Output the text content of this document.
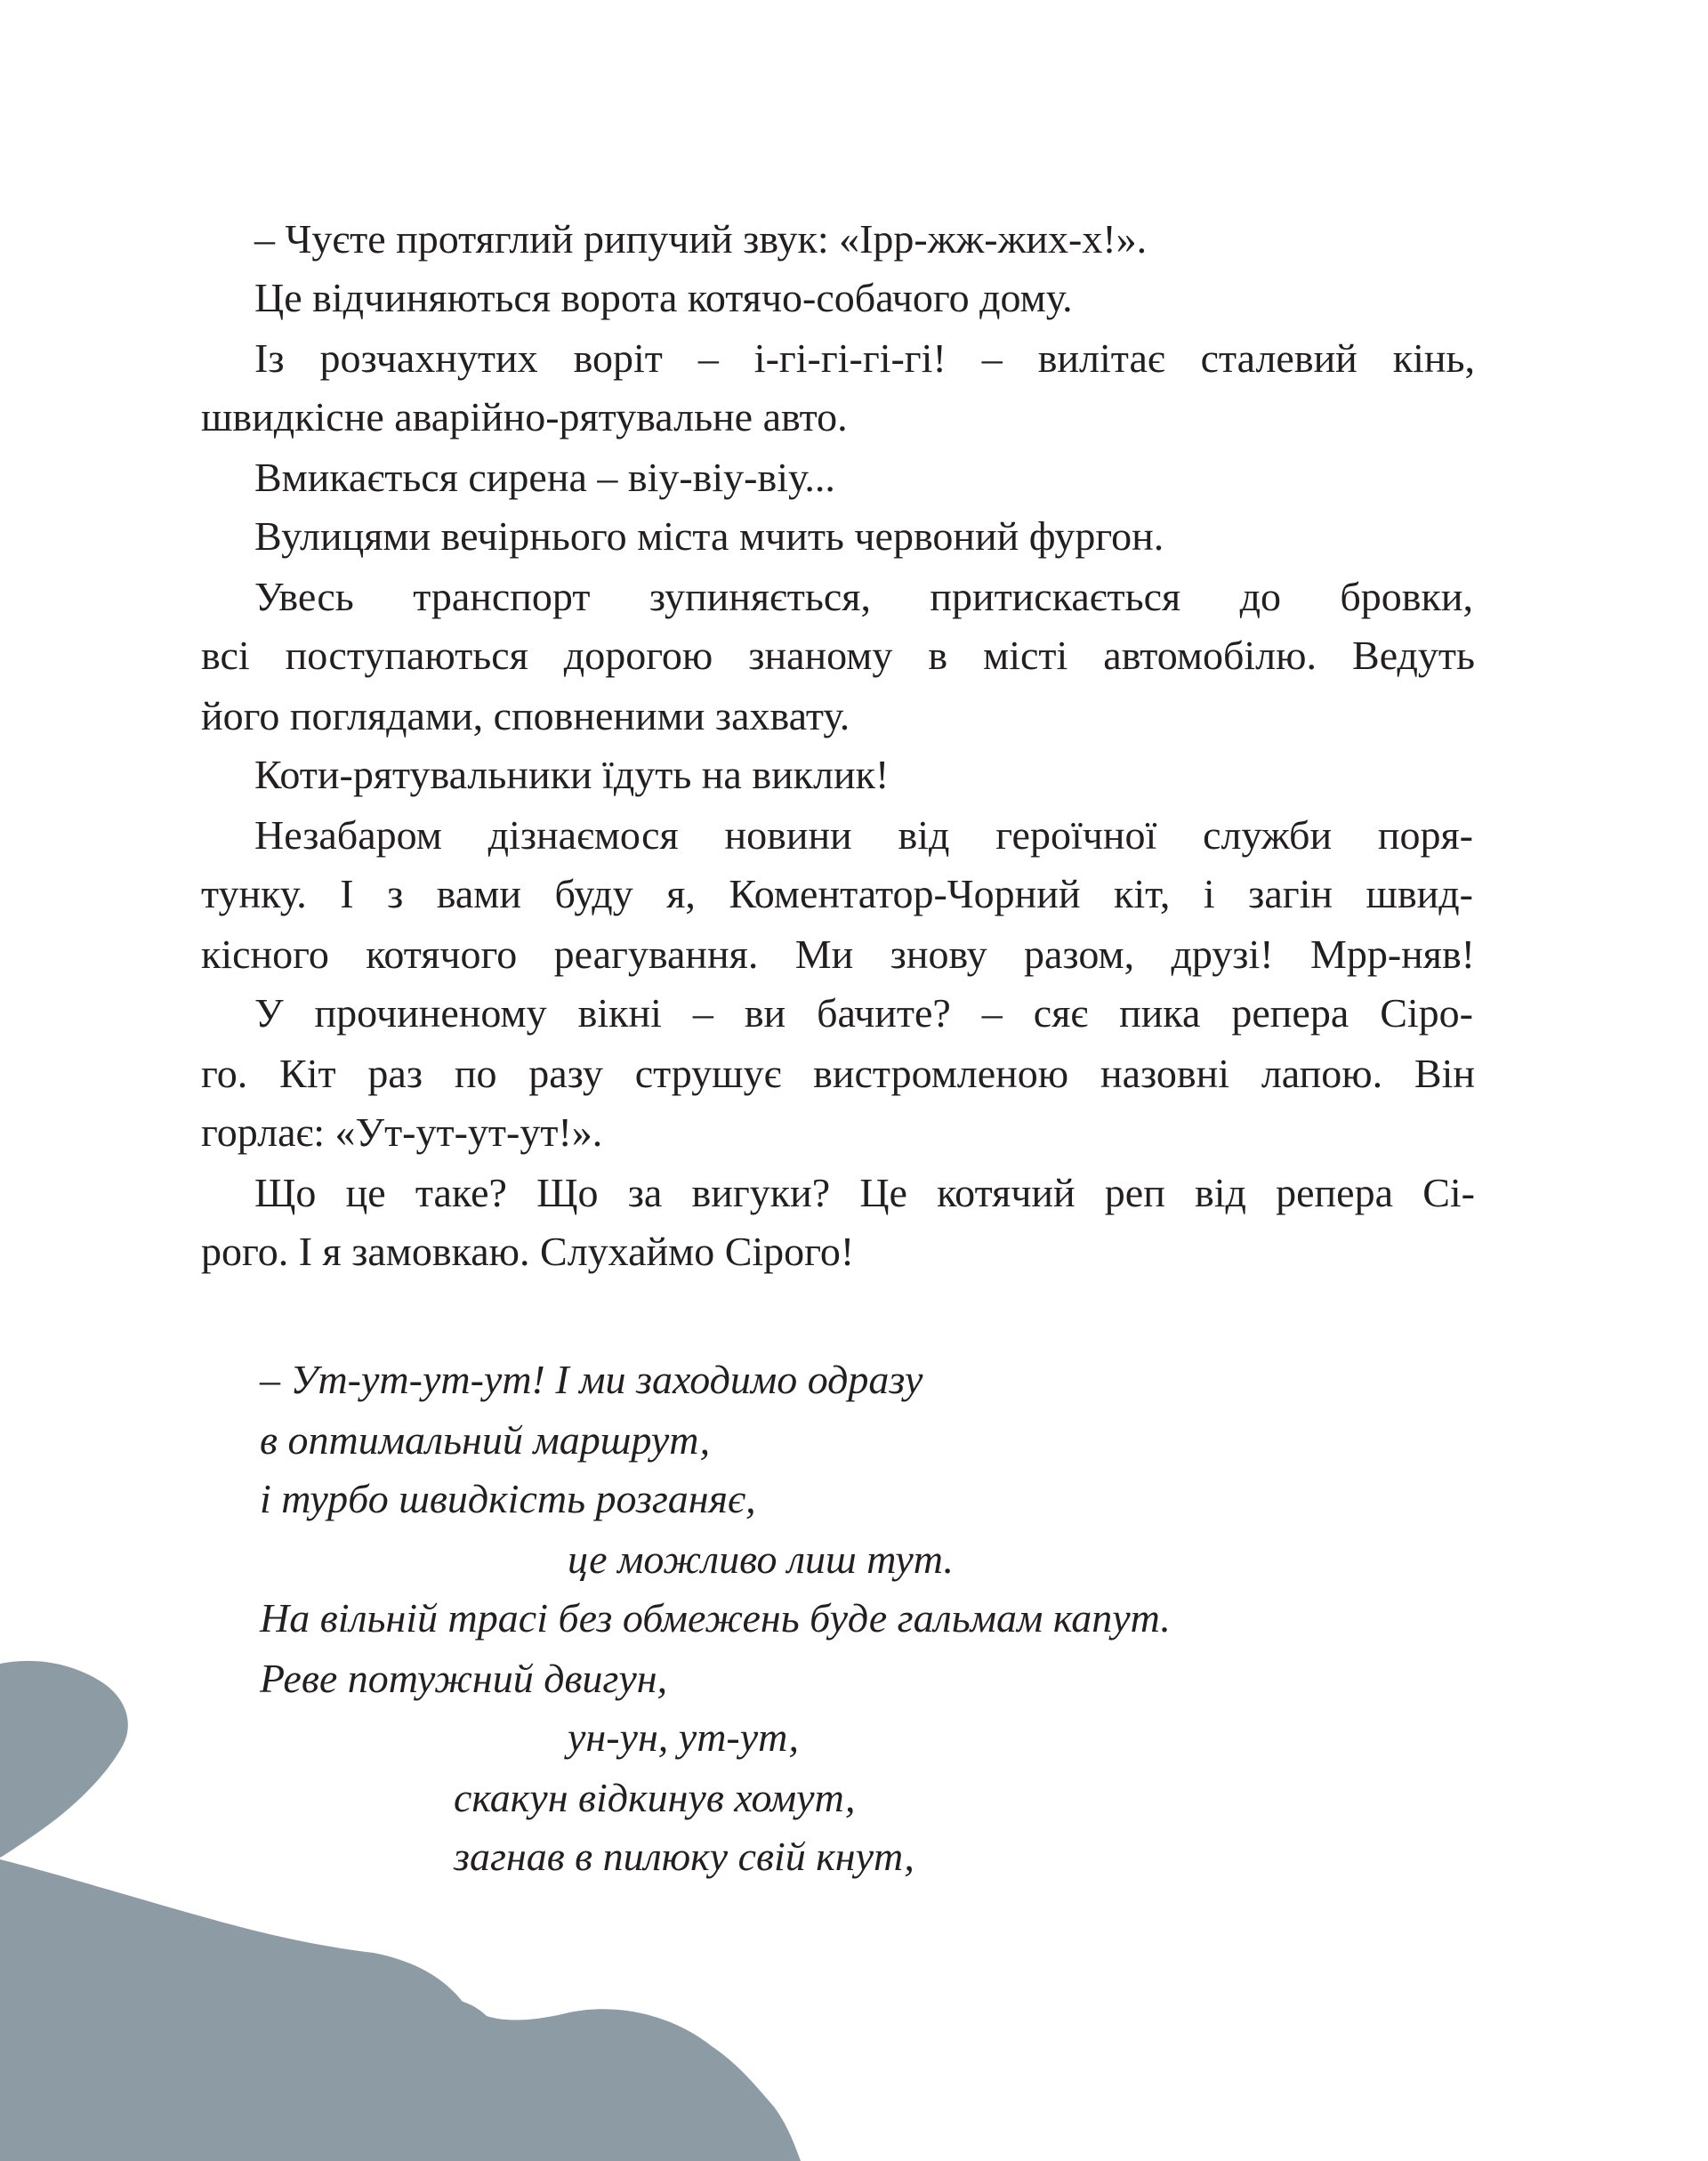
– Чуєте протяглий рипучий звук: «Ірр-жж-жих-х!».
Це відчиняються ворота котячо-собачого дому.
Із розчахнутих воріт – і-гі-гі-гі-гі! – вилітає сталевий кінь,
швидкісне аварійно-рятувальне авто.
Вмикається сирена – віу-віу-віу...
Вулицями вечірнього міста мчить червоний фургон.
Увесь транспорт зупиняється, притискається до бровки,
всі поступаються дорогою знаному в місті автомобілю. Ведуть
його поглядами, сповненими захвату.
Коти-рятувальники їдуть на виклик!
Незабаром дізнаємося новини від героїчної служби поря-
тунку. І з вами буду я, Коментатор-Чорний кіт, і загін швид-
кісного котячого реагування. Ми знову разом, друзі! Мрр-няв!
У прочиненому вікні – ви бачите? – сяє пика репера Сіро-
го. Кіт раз по разу струшує вистромленою назовні лапою. Він
горлає: «Ут-ут-ут-ут!».
Що це таке? Що за вигуки? Це котячий реп від репера Сі-
рого. І я замовкаю. Слухаймо Сірого!
– Ут-ут-ут-ут! І ми заходимо одразу
в оптимальний маршрут,
і турбо швидкість розганяє,
це можливо лиш тут.
На вільній трасі без обмежень буде гальмам капут.
Реве потужний двигун,
ун-ун, ут-ут,
скакун відкинув хомут,
загнав в пилюку свій кнут,
